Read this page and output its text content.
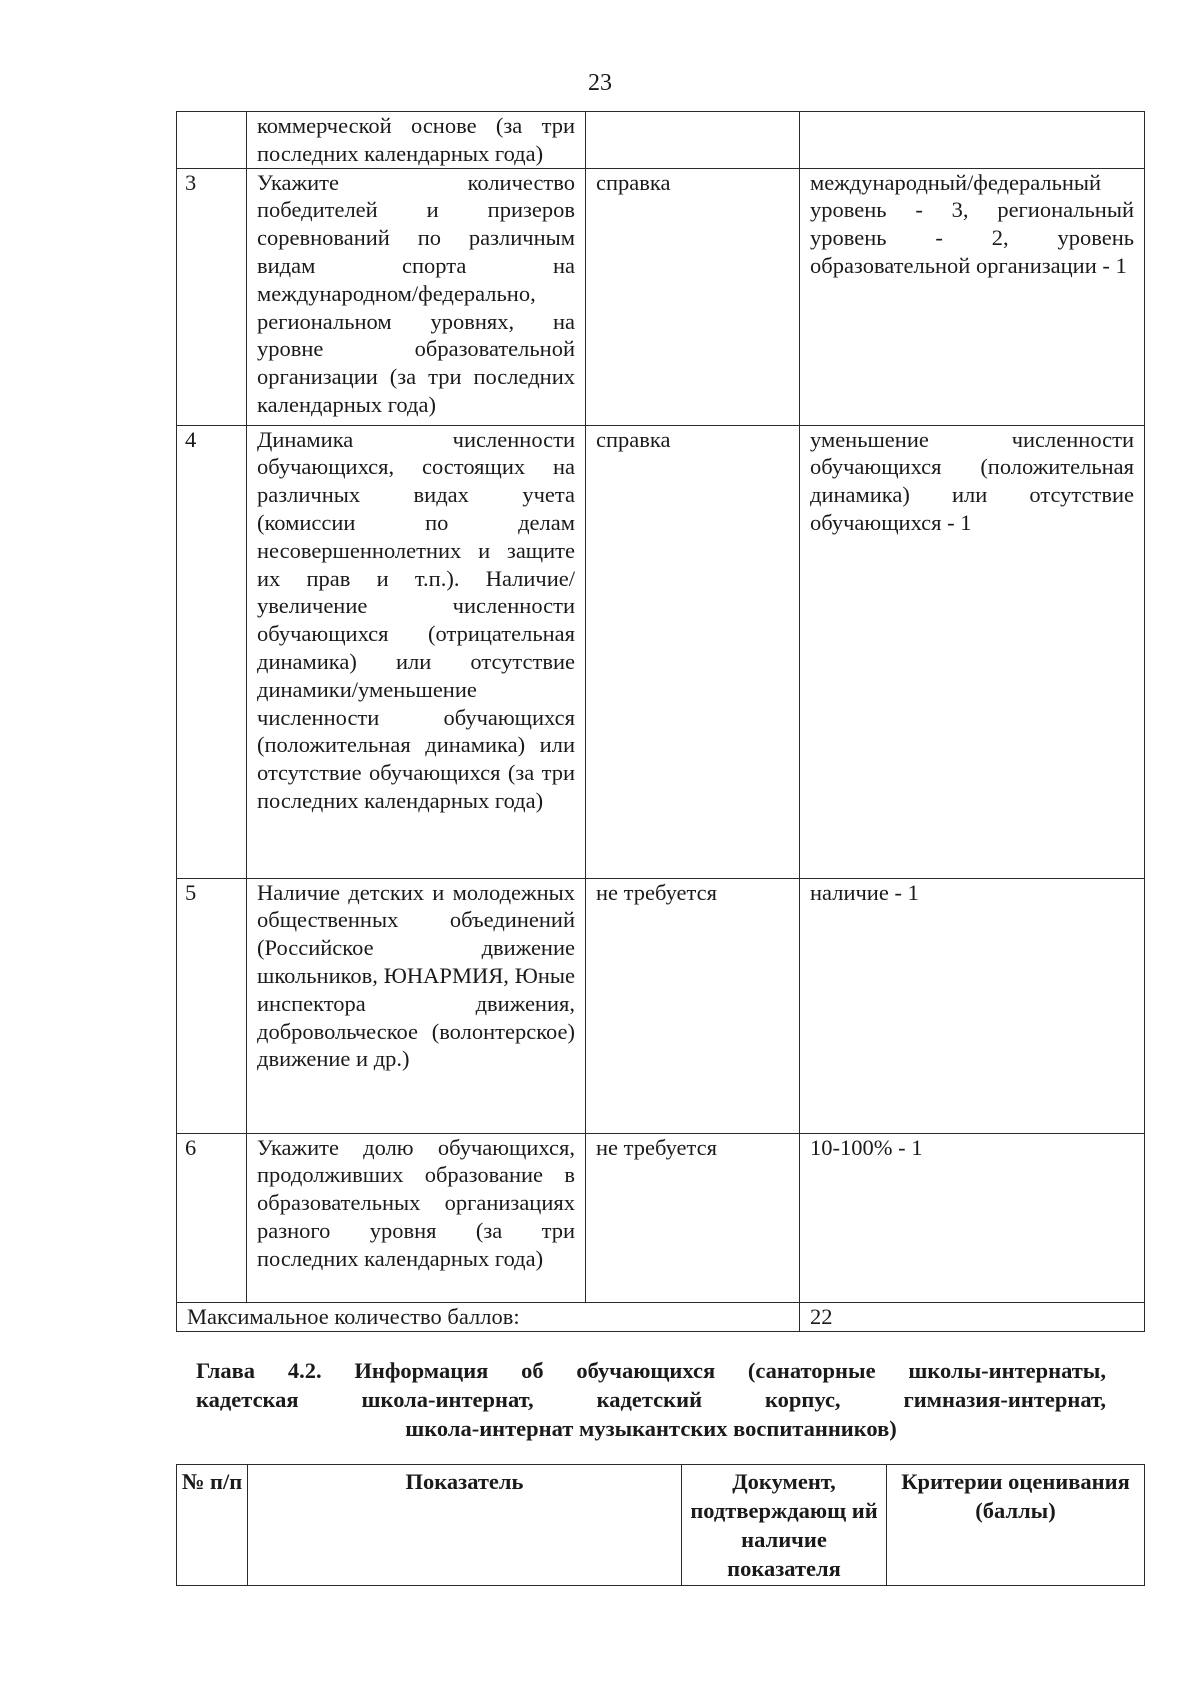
23
	коммерческой основе (за три последних календарных года)		
3	Укажите количество победителей и призеров соревнований по различным видам спорта на международном/федерально, региональном уровнях, на уровне образовательной организации (за три последних календарных года)	справка	международный/федеральный уровень - 3, региональный уровень - 2, уровень образовательной организации - 1
4	Динамика численности обучающихся, состоящих на различных видах учета (комиссии по делам несовершеннолетних и защите их прав и т.п.). Наличие/увеличение численности обучающихся (отрицательная динамика) или отсутствие динамики/уменьшение численности обучающихся (положительная динамика) или отсутствие обучающихся (за три последних календарных года)	справка	уменьшение численности обучающихся (положительная динамика) или отсутствие обучающихся - 1
5	Наличие детских и молодежных общественных объединений (Российское движение школьников, ЮНАРМИЯ, Юные инспектора движения, добровольческое (волонтерское) движение и др.)	не требуется	наличие - 1
6	Укажите долю обучающихся, продолживших образование в образовательных организациях разного уровня (за три последних календарных года)	не требуется	10-100% - 1
Максимальное количество баллов:			22
Глава 4.2. Информация об обучающихся (санаторные школы-интернаты,
кадетская школа-интернат, кадетский корпус, гимназия-интернат,
школа-интернат музыкантских воспитанников)
№ п/п	Показатель	Документ, подтверждающ ий наличие показателя	Критерии оценивания (баллы)
